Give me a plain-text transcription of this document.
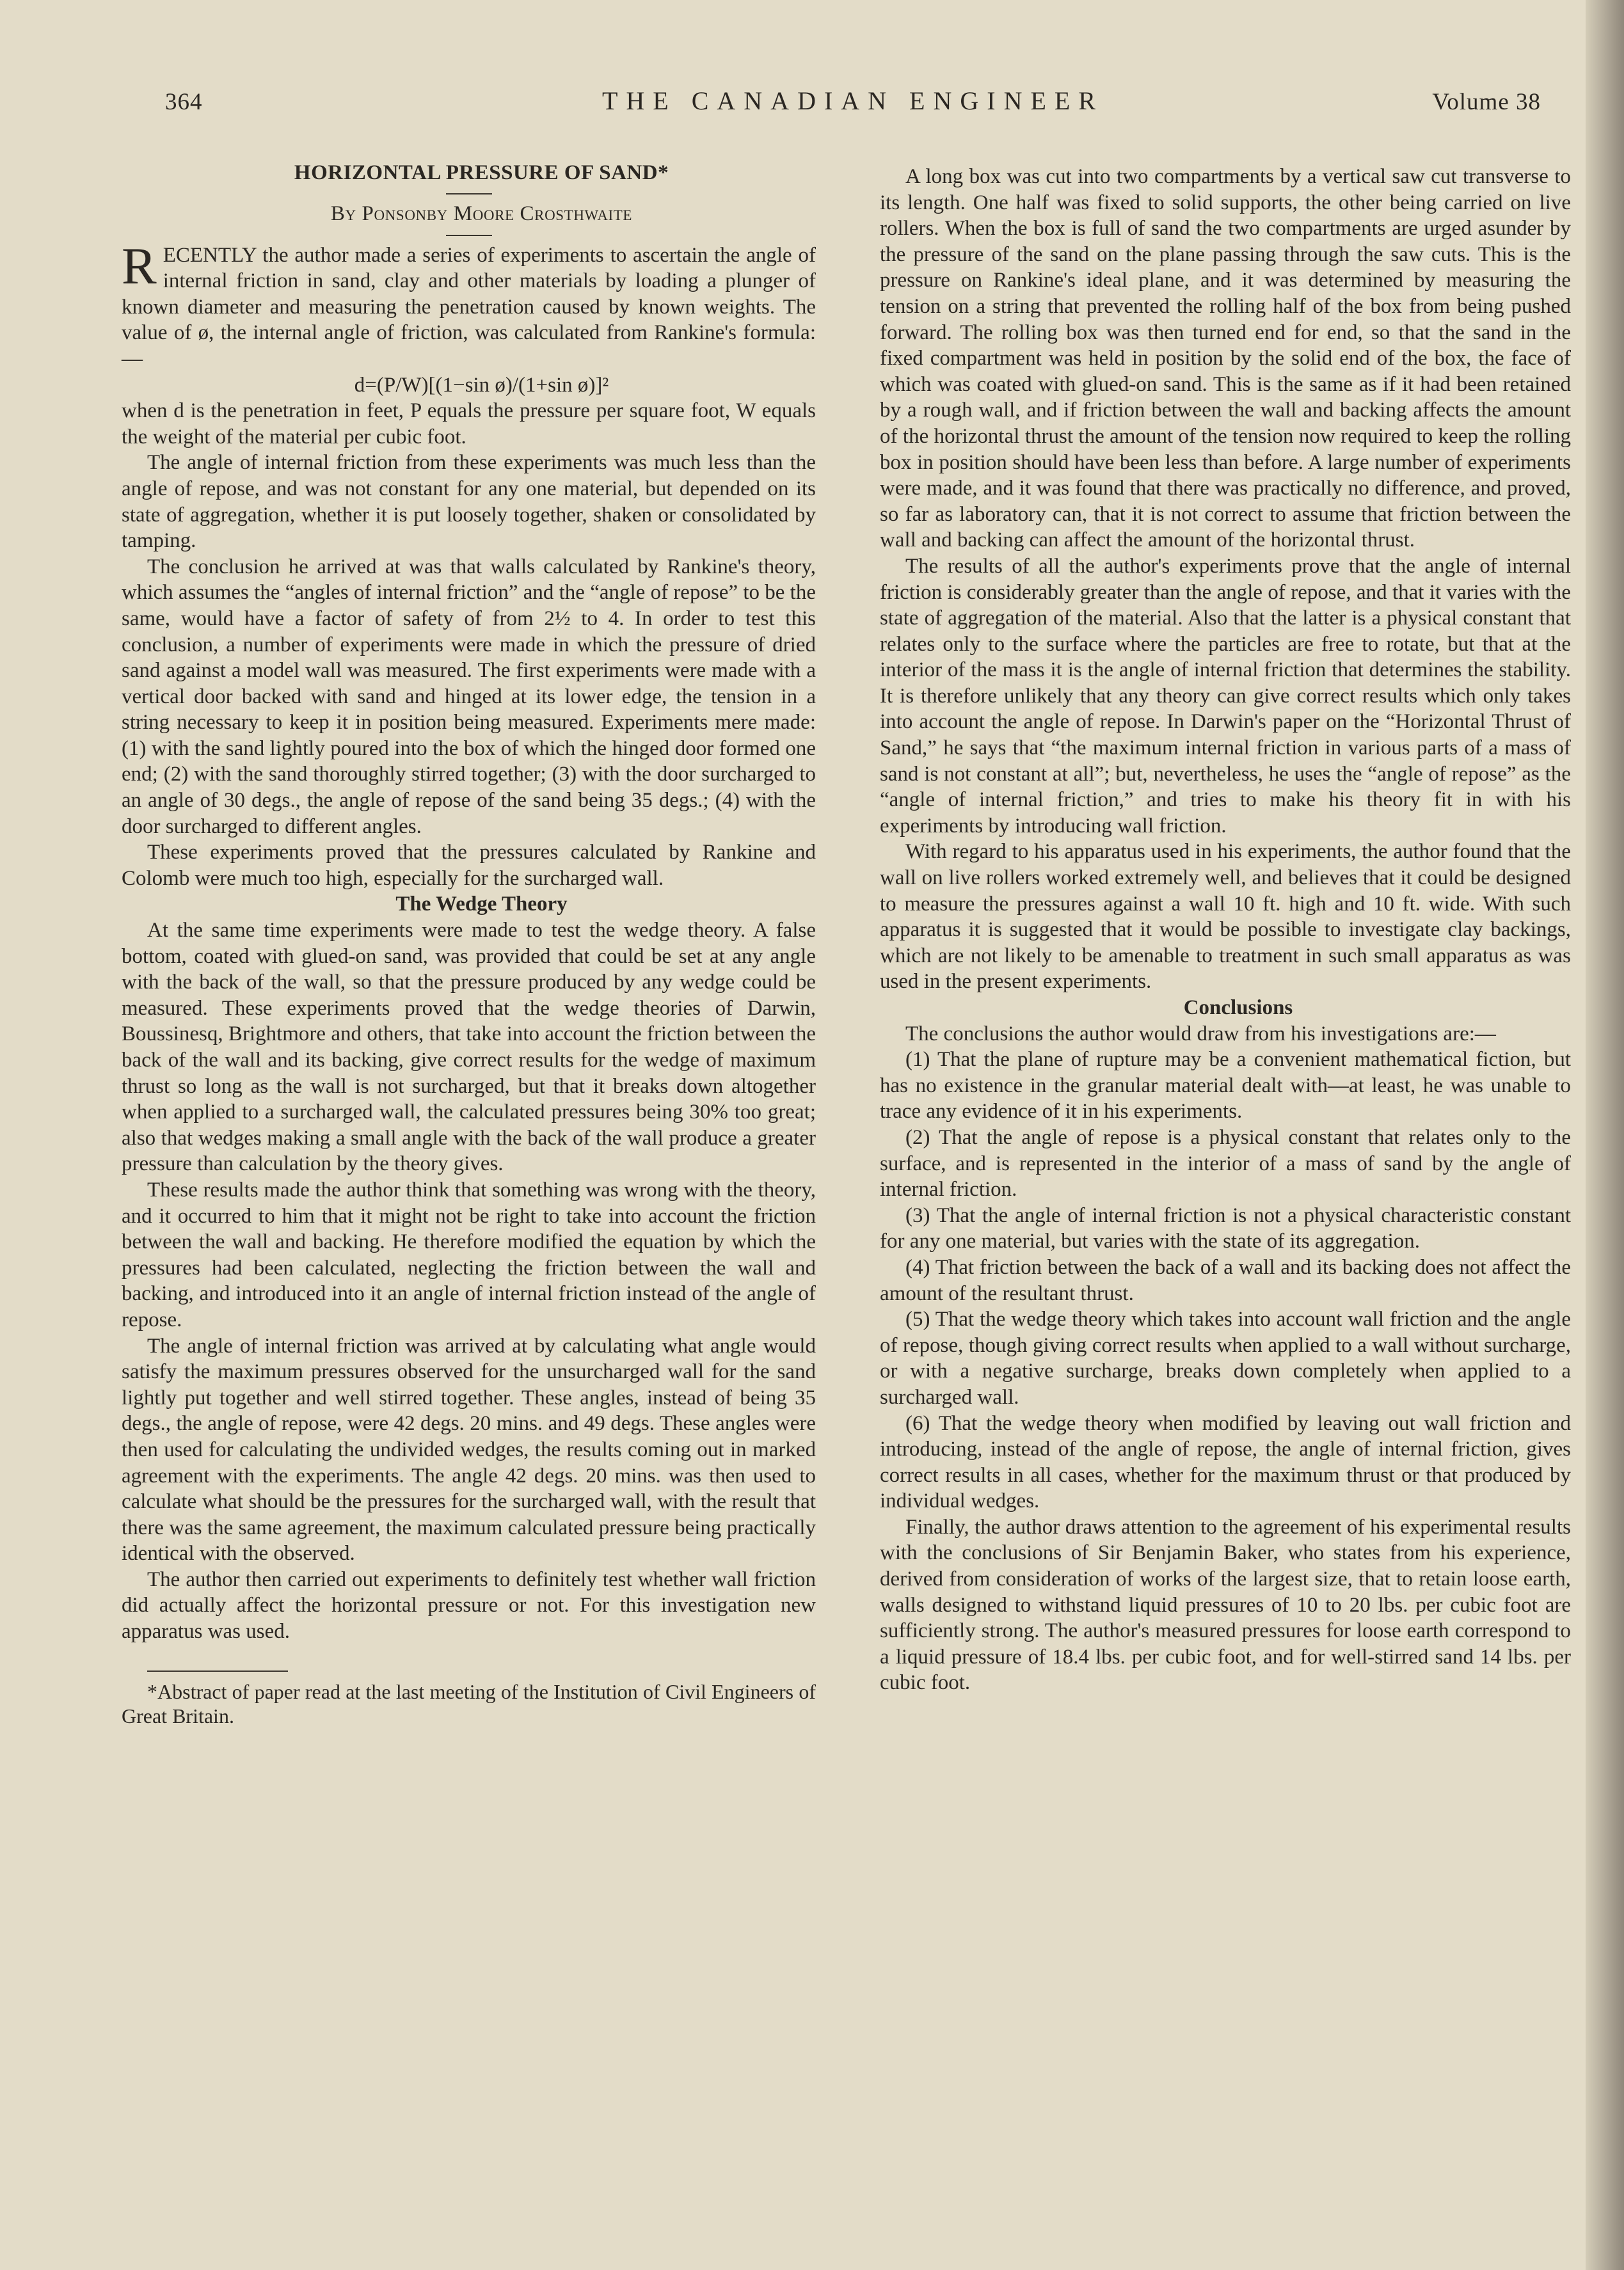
364	THE CANADIAN ENGINEER	Volume 38

HORIZONTAL PRESSURE OF SAND*

By Ponsonby Moore Crosthwaite

RECENTLY the author made a series of experiments to ascertain the angle of internal friction in sand, clay and other materials by loading a plunger of known diameter and measuring the penetration caused by known weights. The value of ø, the internal angle of friction, was calculated from Rankine's formula:—

d=(P/W)[(1−sin ø)/(1+sin ø)]²

when d is the penetration in feet, P equals the pressure per square foot, W equals the weight of the material per cubic foot.

The angle of internal friction from these experiments was much less than the angle of repose, and was not constant for any one material, but depended on its state of aggregation, whether it is put loosely together, shaken or consolidated by tamping.

The conclusion he arrived at was that walls calculated by Rankine's theory, which assumes the “angles of internal friction” and the “angle of repose” to be the same, would have a factor of safety of from 2½ to 4. In order to test this conclusion, a number of experiments were made in which the pressure of dried sand against a model wall was measured. The first experiments were made with a vertical door backed with sand and hinged at its lower edge, the tension in a string necessary to keep it in position being measured. Experiments mere made: (1) with the sand lightly poured into the box of which the hinged door formed one end; (2) with the sand thoroughly stirred together; (3) with the door surcharged to an angle of 30 degs., the angle of repose of the sand being 35 degs.; (4) with the door surcharged to different angles.

These experiments proved that the pressures calculated by Rankine and Colomb were much too high, especially for the surcharged wall.

The Wedge Theory

At the same time experiments were made to test the wedge theory. A false bottom, coated with glued-on sand, was provided that could be set at any angle with the back of the wall, so that the pressure produced by any wedge could be measured. These experiments proved that the wedge theories of Darwin, Boussinesq, Brightmore and others, that take into account the friction between the back of the wall and its backing, give correct results for the wedge of maximum thrust so long as the wall is not surcharged, but that it breaks down altogether when applied to a surcharged wall, the calculated pressures being 30% too great; also that wedges making a small angle with the back of the wall produce a greater pressure than calculation by the theory gives.

These results made the author think that something was wrong with the theory, and it occurred to him that it might not be right to take into account the friction between the wall and backing. He therefore modified the equation by which the pressures had been calculated, neglecting the friction between the wall and backing, and introduced into it an angle of internal friction instead of the angle of repose.

The angle of internal friction was arrived at by calculating what angle would satisfy the maximum pressures observed for the unsurcharged wall for the sand lightly put together and well stirred together. These angles, instead of being 35 degs., the angle of repose, were 42 degs. 20 mins. and 49 degs. These angles were then used for calculating the undivided wedges, the results coming out in marked agreement with the experiments. The angle 42 degs. 20 mins. was then used to calculate what should be the pressures for the surcharged wall, with the result that there was the same agreement, the maximum calculated pressure being practically identical with the observed.

The author then carried out experiments to definitely test whether wall friction did actually affect the horizontal pressure or not. For this investigation new apparatus was used.

*Abstract of paper read at the last meeting of the Institution of Civil Engineers of Great Britain.

A long box was cut into two compartments by a vertical saw cut transverse to its length. One half was fixed to solid supports, the other being carried on live rollers. When the box is full of sand the two compartments are urged asunder by the pressure of the sand on the plane passing through the saw cuts. This is the pressure on Rankine's ideal plane, and it was determined by measuring the tension on a string that prevented the rolling half of the box from being pushed forward. The rolling box was then turned end for end, so that the sand in the fixed compartment was held in position by the solid end of the box, the face of which was coated with glued-on sand. This is the same as if it had been retained by a rough wall, and if friction between the wall and backing affects the amount of the horizontal thrust the amount of the tension now required to keep the rolling box in position should have been less than before. A large number of experiments were made, and it was found that there was practically no difference, and proved, so far as laboratory can, that it is not correct to assume that friction between the wall and backing can affect the amount of the horizontal thrust.

The results of all the author's experiments prove that the angle of internal friction is considerably greater than the angle of repose, and that it varies with the state of aggregation of the material. Also that the latter is a physical constant that relates only to the surface where the particles are free to rotate, but that at the interior of the mass it is the angle of internal friction that determines the stability. It is therefore unlikely that any theory can give correct results which only takes into account the angle of repose. In Darwin's paper on the “Horizontal Thrust of Sand,” he says that “the maximum internal friction in various parts of a mass of sand is not constant at all”; but, nevertheless, he uses the “angle of repose” as the “angle of internal friction,” and tries to make his theory fit in with his experiments by introducing wall friction.

With regard to his apparatus used in his experiments, the author found that the wall on live rollers worked extremely well, and believes that it could be designed to measure the pressures against a wall 10 ft. high and 10 ft. wide. With such apparatus it is suggested that it would be possible to investigate clay backings, which are not likely to be amenable to treatment in such small apparatus as was used in the present experiments.

Conclusions

The conclusions the author would draw from his investigations are:—

(1) That the plane of rupture may be a convenient mathematical fiction, but has no existence in the granular material dealt with—at least, he was unable to trace any evidence of it in his experiments.

(2) That the angle of repose is a physical constant that relates only to the surface, and is represented in the interior of a mass of sand by the angle of internal friction.

(3) That the angle of internal friction is not a physical characteristic constant for any one material, but varies with the state of its aggregation.

(4) That friction between the back of a wall and its backing does not affect the amount of the resultant thrust.

(5) That the wedge theory which takes into account wall friction and the angle of repose, though giving correct results when applied to a wall without surcharge, or with a negative surcharge, breaks down completely when applied to a surcharged wall.

(6) That the wedge theory when modified by leaving out wall friction and introducing, instead of the angle of repose, the angle of internal friction, gives correct results in all cases, whether for the maximum thrust or that produced by individual wedges.

Finally, the author draws attention to the agreement of his experimental results with the conclusions of Sir Benjamin Baker, who states from his experience, derived from consideration of works of the largest size, that to retain loose earth, walls designed to withstand liquid pressures of 10 to 20 lbs. per cubic foot are sufficiently strong. The author's measured pressures for loose earth correspond to a liquid pressure of 18.4 lbs. per cubic foot, and for well-stirred sand 14 lbs. per cubic foot.
